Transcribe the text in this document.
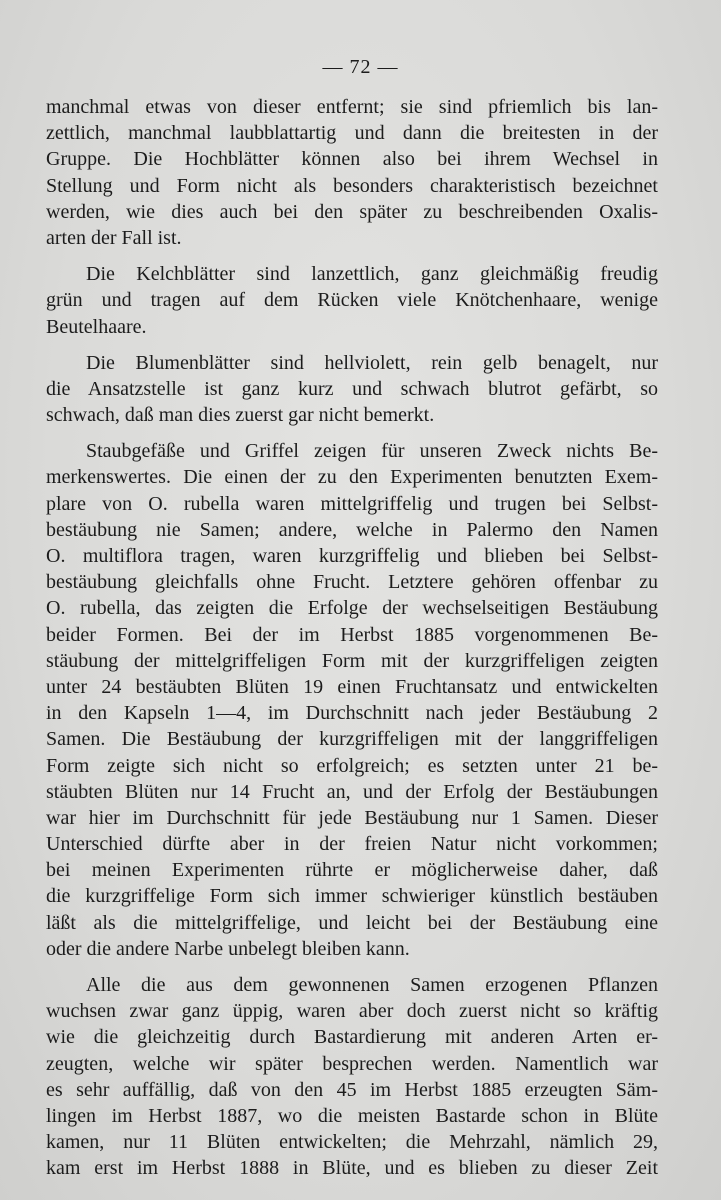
— 72 —
manchmal etwas von dieser entfernt; sie sind pfriemlich bis lan-
zettlich, manchmal laubblattartig und dann die breitesten in der
Gruppe. Die Hochblätter können also bei ihrem Wechsel in
Stellung und Form nicht als besonders charakteristisch bezeichnet
werden, wie dies auch bei den später zu beschreibenden Oxalis-
arten der Fall ist.
Die Kelchblätter sind lanzettlich, ganz gleichmäßig freudig
grün und tragen auf dem Rücken viele Knötchenhaare, wenige
Beutelhaare.
Die Blumenblätter sind hellviolett, rein gelb benagelt, nur
die Ansatzstelle ist ganz kurz und schwach blutrot gefärbt, so
schwach, daß man dies zuerst gar nicht bemerkt.
Staubgefäße und Griffel zeigen für unseren Zweck nichts Be-
merkenswertes. Die einen der zu den Experimenten benutzten Exem-
plare von O. rubella waren mittelgriffelig und trugen bei Selbst-
bestäubung nie Samen; andere, welche in Palermo den Namen
O. multiflora tragen, waren kurzgriffelig und blieben bei Selbst-
bestäubung gleichfalls ohne Frucht. Letztere gehören offenbar zu
O. rubella, das zeigten die Erfolge der wechselseitigen Bestäubung
beider Formen. Bei der im Herbst 1885 vorgenommenen Be-
stäubung der mittelgriffeligen Form mit der kurzgriffeligen zeigten
unter 24 bestäubten Blüten 19 einen Fruchtansatz und entwickelten
in den Kapseln 1—4, im Durchschnitt nach jeder Bestäubung 2
Samen. Die Bestäubung der kurzgriffeligen mit der langgriffeligen
Form zeigte sich nicht so erfolgreich; es setzten unter 21 be-
stäubten Blüten nur 14 Frucht an, und der Erfolg der Bestäubungen
war hier im Durchschnitt für jede Bestäubung nur 1 Samen. Dieser
Unterschied dürfte aber in der freien Natur nicht vorkommen;
bei meinen Experimenten rührte er möglicherweise daher, daß
die kurzgriffelige Form sich immer schwieriger künstlich bestäuben
läßt als die mittelgriffelige, und leicht bei der Bestäubung eine
oder die andere Narbe unbelegt bleiben kann.
Alle die aus dem gewonnenen Samen erzogenen Pflanzen
wuchsen zwar ganz üppig, waren aber doch zuerst nicht so kräftig
wie die gleichzeitig durch Bastardierung mit anderen Arten er-
zeugten, welche wir später besprechen werden. Namentlich war
es sehr auffällig, daß von den 45 im Herbst 1885 erzeugten Säm-
lingen im Herbst 1887, wo die meisten Bastarde schon in Blüte
kamen, nur 11 Blüten entwickelten; die Mehrzahl, nämlich 29,
kam erst im Herbst 1888 in Blüte, und es blieben zu dieser Zeit
